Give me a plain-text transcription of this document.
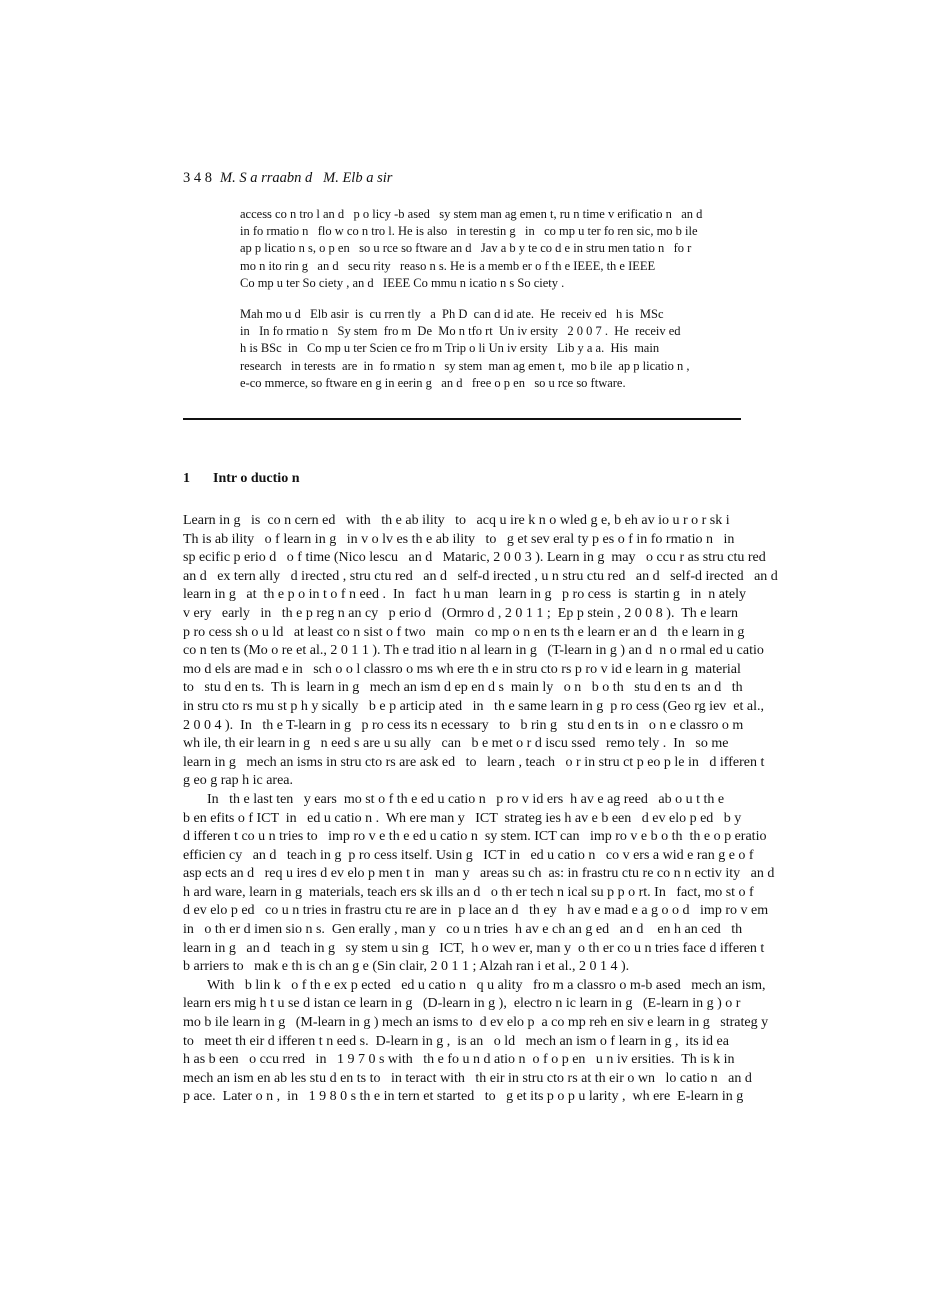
3 4 8 M. S a rraabn d   M. Elb a sir
access co n tro l an d   p o licy -b ased   sy stem man ag emen t, ru n time v erificatio n   an d
in fo rmatio n   flo w co n tro l. He is also   in terestin g   in   co mp u ter fo ren sic, mo b ile
ap p licatio n s, o p en   so u rce so ftware an d   Jav a b y te co d e in stru men tatio n   fo r
mo n ito rin g   an d   secu rity   reaso n s. He is a memb er o f th e IEEE, th e IEEE
Co mp u ter So ciety , an d   IEEE Co mmu n icatio n s So ciety .
Mah mo u d   Elb asir  is  cu rren tly   a  Ph D  can d id ate.  He  receiv ed   h is  MSc
in   In fo rmatio n   Sy stem  fro m  De  Mo n tfo rt  Un iv ersity   2 0 0 7 .  He  receiv ed
h is BSc  in   Co mp u ter Scien ce fro m Trip o li Un iv ersity   Lib y a a.  His  main
research   in terests  are  in  fo rmatio n   sy stem  man ag emen t,  mo b ile  ap p licatio n ,
e-co mmerce, so ftware en g in eerin g   an d   free o p en   so u rce so ftware.
1 Intr o ductio n
Learn in g   is  co n cern ed   with   th e ab ility   to   acq u ire k n o wled g e, b eh av io u r o r sk i
Th is ab ility   o f learn in g   in v o lv es th e ab ility   to   g et sev eral ty p es o f in fo rmatio n   in
sp ecific p erio d   o f time (Nico lescu   an d   Mataric, 2 0 0 3 ). Learn in g  may   o ccu r as stru ctu red
an d   ex tern ally   d irected , stru ctu red   an d   self-d irected , u n stru ctu red   an d   self-d irected   an d
learn in g   at  th e p o in t o f n eed .  In   fact  h u man   learn in g   p ro cess  is  startin g   in  n ately
v ery   early   in   th e p reg n an cy   p erio d   (Ormro d , 2 0 1 1 ;  Ep p stein , 2 0 0 8 ).  Th e learn
p ro cess sh o u ld   at least co n sist o f two   main   co mp o n en ts th e learn er an d   th e learn in g
co n ten ts (Mo o re et al., 2 0 1 1 ). Th e trad itio n al learn in g   (T-learn in g ) an d  n o rmal ed u catio
mo d els are mad e in   sch o o l classro o ms wh ere th e in stru cto rs p ro v id e learn in g  material
to   stu d en ts.  Th is  learn in g   mech an ism d ep en d s  main ly   o n   b o th   stu d en ts  an d   th
in stru cto rs mu st p h y sically   b e p articip ated   in   th e same learn in g  p ro cess (Geo rg iev  et al.,
2 0 0 4 ).  In   th e T-learn in g   p ro cess its n ecessary   to   b rin g   stu d en ts in   o n e classro o m
wh ile, th eir learn in g   n eed s are u su ally   can   b e met o r d iscu ssed   remo tely .  In   so me
learn in g   mech an isms in stru cto rs are ask ed   to   learn , teach   o r in stru ct p eo p le in   d ifferen t
g eo g rap h ic area.
In   th e last ten   y ears  mo st o f th e ed u catio n   p ro v id ers  h av e ag reed   ab o u t th e
b en efits o f ICT  in   ed u catio n .  Wh ere man y   ICT  strateg ies h av e b een   d ev elo p ed   b y
d ifferen t co u n tries to   imp ro v e th e ed u catio n  sy stem. ICT can   imp ro v e b o th  th e o p eratio
efficien cy   an d   teach in g  p ro cess itself. Usin g   ICT in   ed u catio n   co v ers a wid e ran g e o f
asp ects an d   req u ires d ev elo p men t in   man y   areas su ch  as: in frastru ctu re co n n ectiv ity   an d
h ard ware, learn in g  materials, teach ers sk ills an d   o th er tech n ical su p p o rt. In   fact, mo st o f
d ev elo p ed   co u n tries in frastru ctu re are in  p lace an d   th ey   h av e mad e a g o o d   imp ro v em
in   o th er d imen sio n s.  Gen erally , man y   co u n tries  h av e ch an g ed   an d    en h an ced   th
learn in g   an d   teach in g   sy stem u sin g   ICT,  h o wev er, man y  o th er co u n tries face d ifferen t
b arriers to   mak e th is ch an g e (Sin clair, 2 0 1 1 ; Alzah ran i et al., 2 0 1 4 ).
With   b lin k   o f th e ex p ected   ed u catio n   q u ality   fro m a classro o m-b ased   mech an ism,
learn ers mig h t u se d istan ce learn in g   (D-learn in g ),  electro n ic learn in g   (E-learn in g ) o r
mo b ile learn in g   (M-learn in g ) mech an isms to  d ev elo p  a co mp reh en siv e learn in g   strateg y
to   meet th eir d ifferen t n eed s.  D-learn in g ,  is an   o ld   mech an ism o f learn in g ,  its id ea
h as b een   o ccu rred   in   1 9 7 0 s with   th e fo u n d atio n  o f o p en   u n iv ersities.  Th is k in
mech an ism en ab les stu d en ts to   in teract with   th eir in stru cto rs at th eir o wn   lo catio n   an d
p ace.  Later o n ,  in   1 9 8 0 s th e in tern et started   to   g et its p o p u larity ,  wh ere  E-learn in g
